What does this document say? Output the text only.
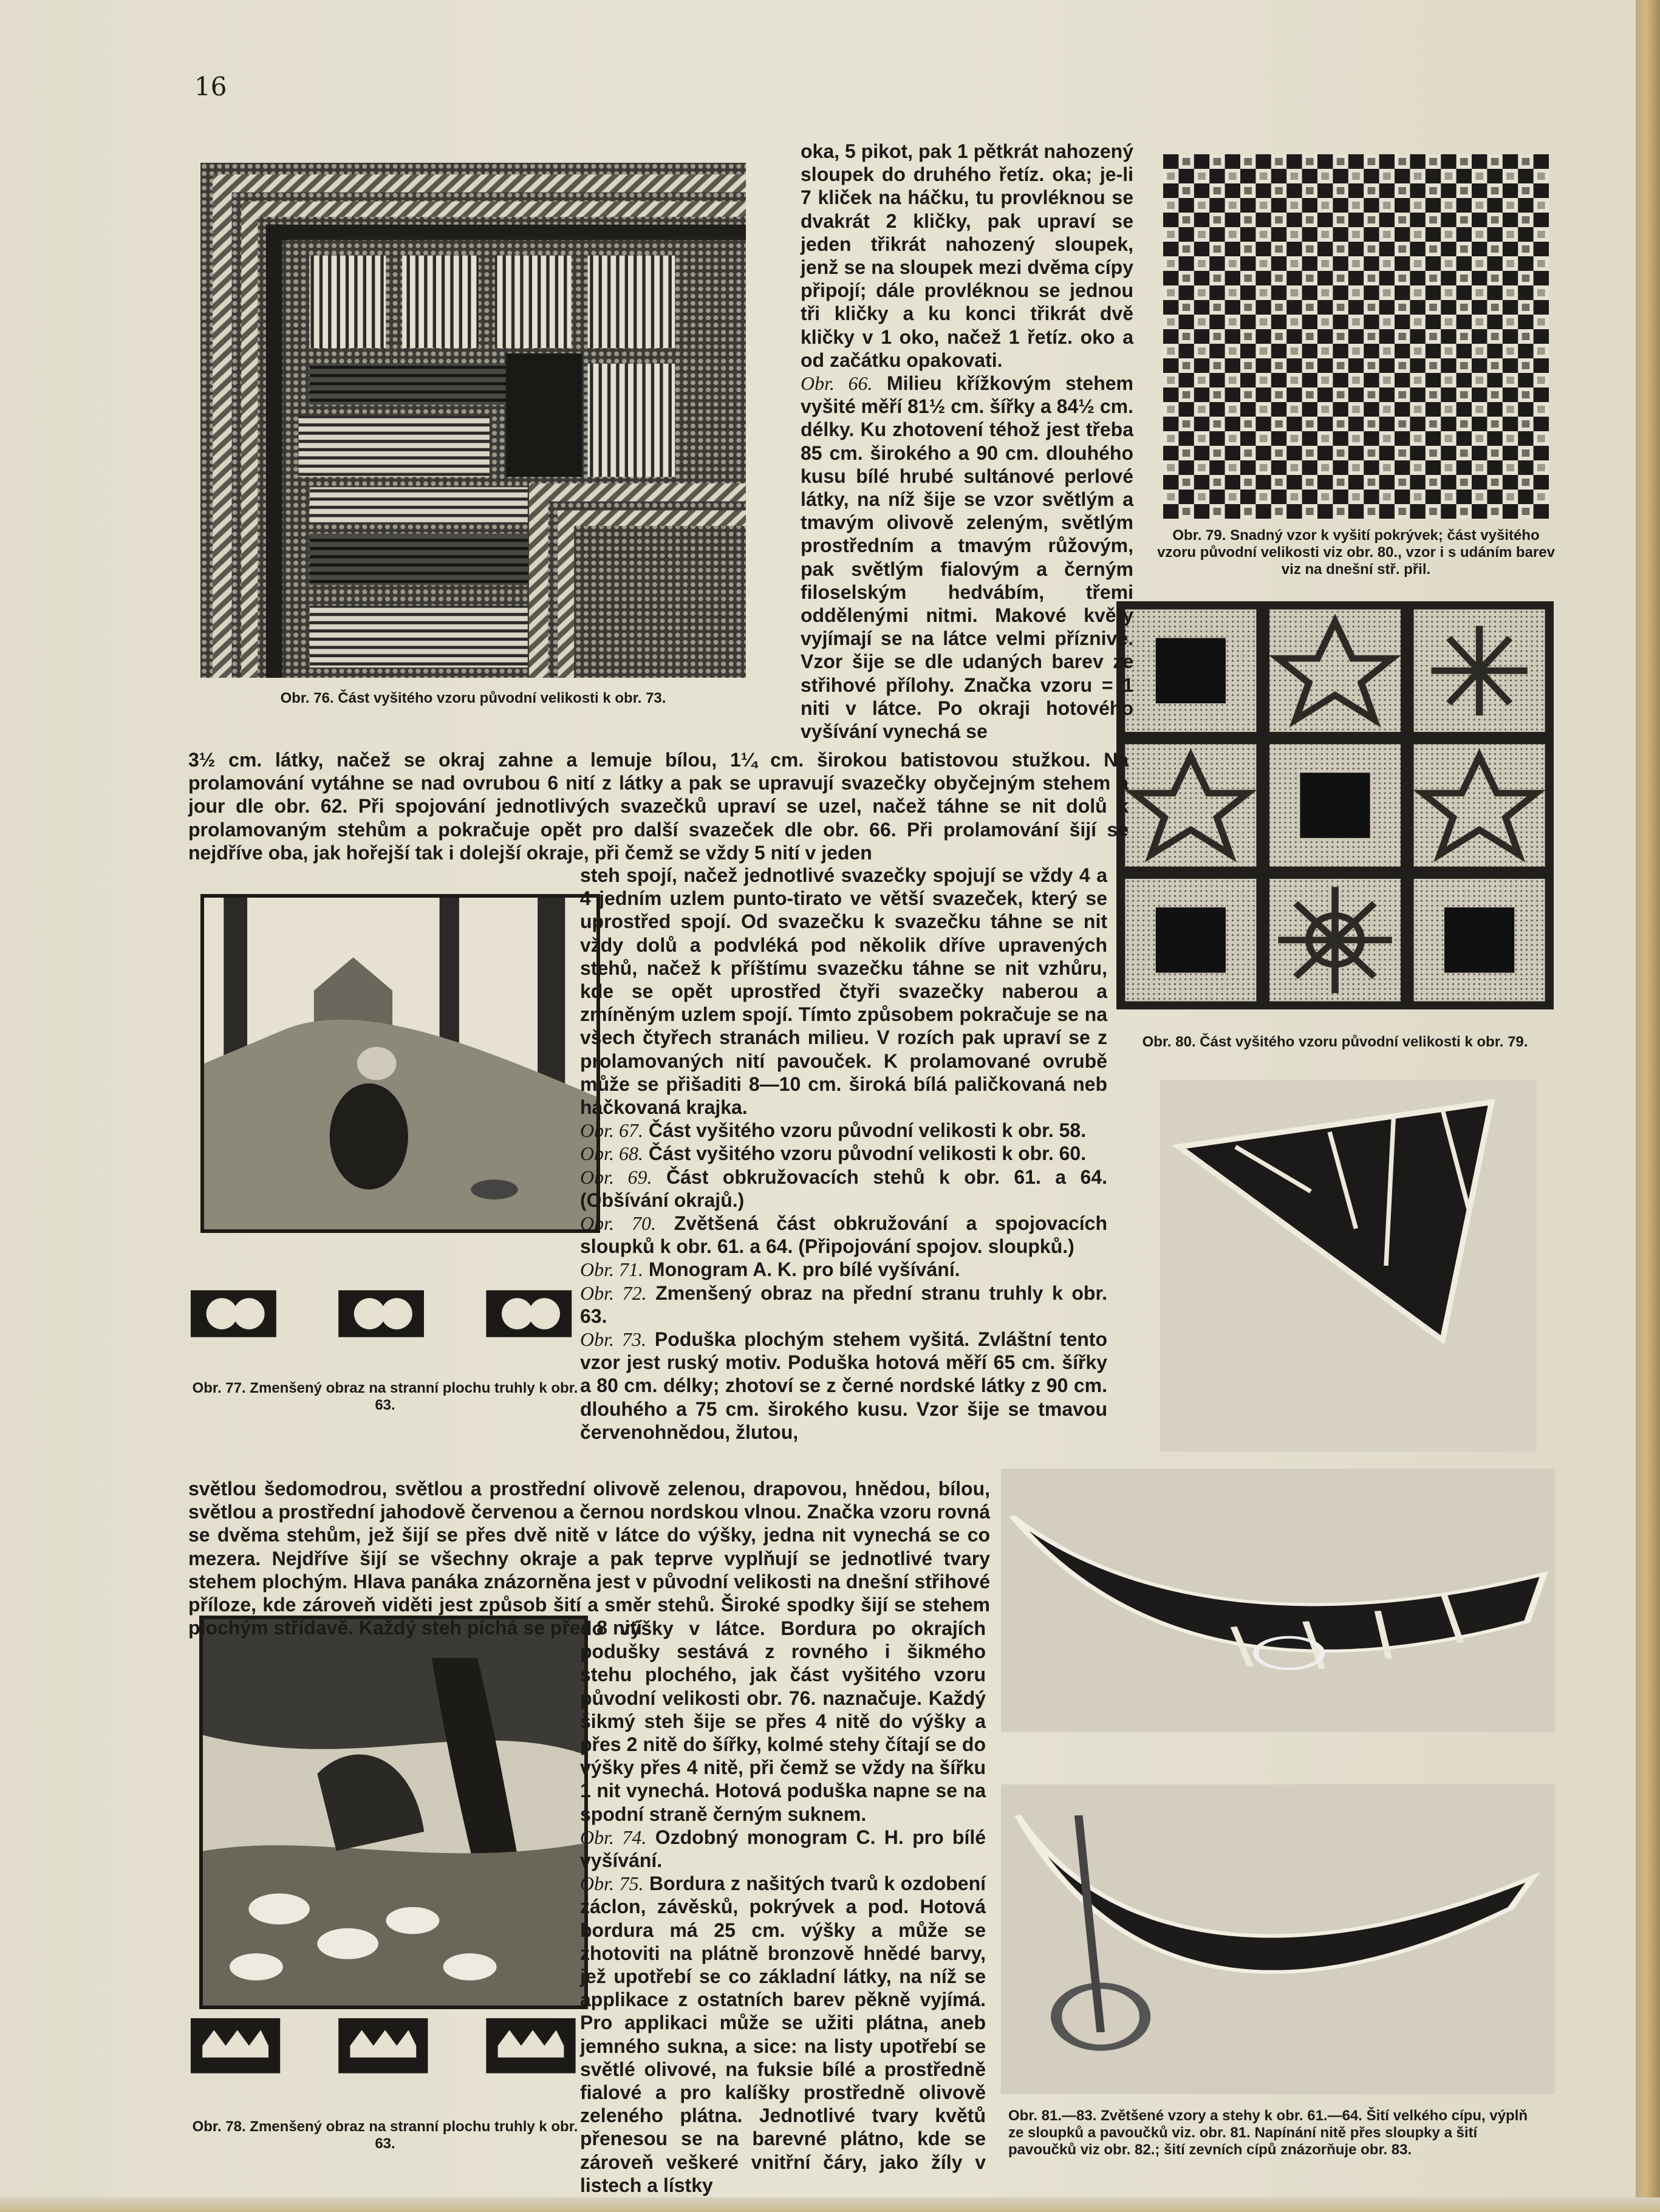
16
Obr. 76. Část vyšitého vzoru původní velikosti k obr. 73.
Obr. 79. Snadný vzor k vyšití pokrývek; část vyšitého vzoru původní velikosti viz obr. 80., vzor i s udáním barev viz na dnešní stř. přil.
Obr. 80. Část vyšitého vzoru původní velikosti k obr. 79.
Obr. 81.—83. Zvětšené vzory a stehy k obr. 61.—64. Šití velkého cípu, výplň ze sloupků a pavoučků viz. obr. 81. Napínání nitě přes sloupky a šití pavoučků viz obr. 82.; šití zevních cípů znázorňuje obr. 83.
Obr. 77. Zmenšený obraz na stranní plochu truhly k obr. 63.
Obr. 78. Zmenšený obraz na stranní plochu truhly k obr. 63.

oka, 5 pikot, pak 1 pětkrát nahozený sloupek do druhého řetíz. oka; je-li 7 kliček na háčku, tu provléknou se dvakrát 2 kličky, pak upraví se jeden třikrát nahozený sloupek, jenž se na sloupek mezi dvěma cípy připojí; dále provléknou se jednou tři kličky a ku konci třikrát dvě kličky v 1 oko, načež 1 řetíz. oko a od začátku opakovati.

Obr. 66. Milieu křížkovým stehem vyšité měří 81½ cm. šířky a 84½ cm. délky. Ku zhotovení téhož jest třeba 85 cm. širokého a 90 cm. dlouhého kusu bílé hrubé sultánové perlové látky, na níž šije se vzor světlým a tmavým olivově zeleným, světlým prostředním a tmavým růžovým, pak světlým fialovým a černým filoselským hedvábím, třemi oddělenými nitmi. Makové květy vyjímají se na látce velmi příznivě. Vzor šije se dle udaných barev ze střihové přílohy. Značka vzoru = 1 niti v látce. Po okraji hotového vyšívání vynechá se

3½ cm. látky, načež se okraj zahne a lemuje bílou, 1¼ cm. širokou batistovou stužkou. Na prolamování vytáhne se nad ovrubou 6 nití z látky a pak se upravují svazečky obyčejným stehem à jour dle obr. 62. Při spojování jednotlivých svazečků upraví se uzel, načež táhne se nit dolů k prolamovaným stehům a pokračuje opět pro další svazeček dle obr. 66. Při prolamování šijí se nejdříve oba, jak hořejší tak i dolejší okraje, při čemž se vždy 5 nití v jeden

steh spojí, načež jednotlivé svazečky spojují se vždy 4 a 4 jedním uzlem punto-tirato ve větší svazeček, který se uprostřed spojí. Od svazečku k svazečku táhne se nit vždy dolů a podvléká pod několik dříve upravených stehů, načež k příštímu svazečku táhne se nit vzhůru, kde se opět uprostřed čtyři svazečky naberou a zmíněným uzlem spojí. Tímto způsobem pokračuje se na všech čtyřech stranách milieu. V rozích pak upraví se z prolamovaných nití pavouček. K prolamované ovrubě může se přišaditi 8—10 cm. široká bílá paličkovaná neb háčkovaná krajka.

Obr. 67. Část vyšitého vzoru původní velikosti k obr. 58.

Obr. 68. Část vyšitého vzoru původní velikosti k obr. 60.

Obr. 69. Část obkružovacích stehů k obr. 61. a 64. (Obšívání okrajů.)

Obr. 70. Zvětšená část obkružování a spojovacích sloupků k obr. 61. a 64. (Připojování spojov. sloupků.)

Obr. 71. Monogram A. K. pro bílé vyšívání.

Obr. 72. Zmenšený obraz na přední stranu truhly k obr. 63.

Obr. 73. Poduška plochým stehem vyšitá. Zvláštní tento vzor jest ruský motiv. Poduška hotová měří 65 cm. šířky a 80 cm. délky; zhotoví se z černé nordské látky z 90 cm. dlouhého a 75 cm. širokého kusu. Vzor šije se tmavou červenohnědou, žlutou,

světlou šedomodrou, světlou a prostřední olivově zelenou, drapovou, hnědou, bílou, světlou a prostřední jahodově červenou a černou nordskou vlnou. Značka vzoru rovná se dvěma stehům, jež šijí se přes dvě nitě v látce do výšky, jedna nit vynechá se co mezera. Nejdříve šijí se všechny okraje a pak teprve vyplňují se jednotlivé tvary stehem plochým. Hlava panáka znázorněna jest v původní velikosti na dnešní střihové příloze, kde zároveň viděti jest způsob šití a směr stehů. Široké spodky šijí se stehem plochým střídavě. Každý steh píchá se přes 8 nití

do výšky v látce. Bordura po okrajích podušky sestává z rovného i šikmého stehu plochého, jak část vyšitého vzoru původní velikosti obr. 76. naznačuje. Každý šikmý steh šije se přes 4 nitě do výšky a přes 2 nitě do šířky, kolmé stehy čítají se do výšky přes 4 nitě, při čemž se vždy na šířku 1 nit vynechá. Hotová poduška napne se na spodní straně černým suknem.

Obr. 74. Ozdobný monogram C. H. pro bílé vyšívání.

Obr. 75. Bordura z našitých tvarů k ozdobení záclon, závěsků, pokrývek a pod. Hotová bordura má 25 cm. výšky a může se zhotoviti na plátně bronzově hnědé barvy, jež upotřebí se co základní látky, na níž se applikace z ostatních barev pěkně vyjímá. Pro applikaci může se užiti plátna, aneb jemného sukna, a sice: na listy upotřebí se světlé olivové, na fuksie bílé a prostředně fialové a pro kalíšky prostředně olivově zeleného plátna. Jednotlivé tvary květů přenesou se na barevné plátno, kde se zároveň veškeré vnitřní čáry, jako žíly v listech a lístky
